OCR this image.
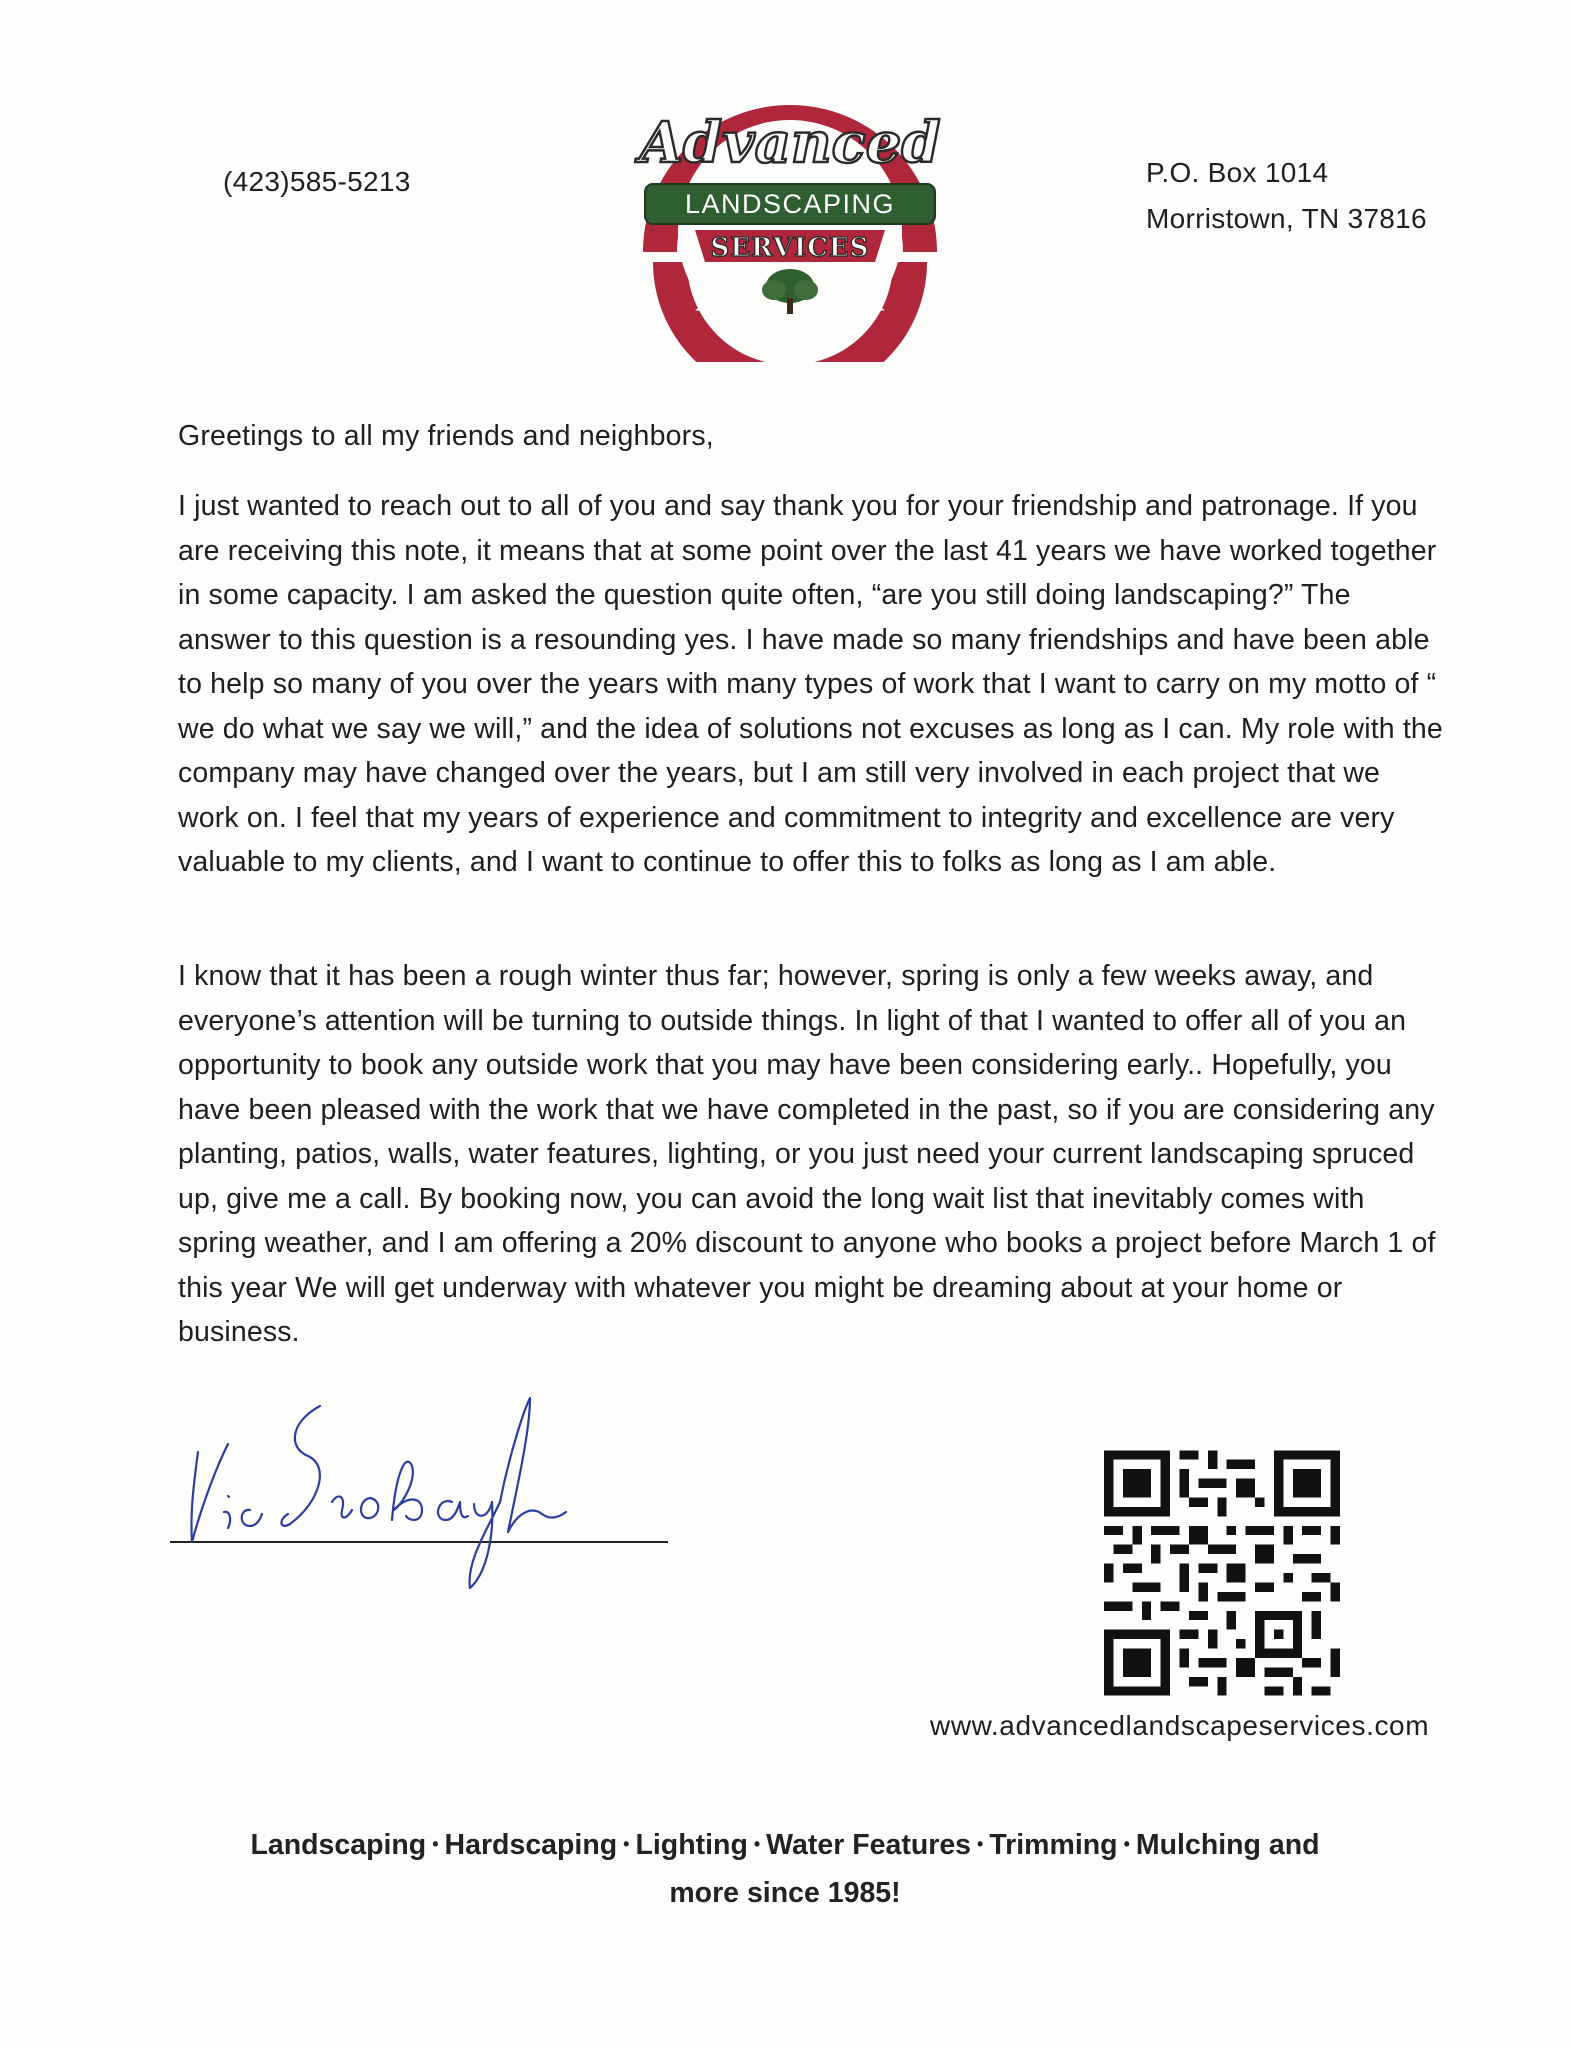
(423)585-5213
Advanced
LANDSCAPING
SERVICES
P.O. Box 1014
Morristown, TN 37816
Greetings to all my friends and neighbors,

I just wanted to reach out to all of you and say thank you for your friendship and patronage. If you are receiving this note, it means that at some point over the last 41 years we have worked together in some capacity. I am asked the question quite often, “are you still doing landscaping?” The answer to this question is a resounding yes. I have made so many friendships and have been able to help so many of you over the years with many types of work that I want to carry on my motto of “ we do what we say we will,” and the idea of solutions not excuses as long as I can. My role with the company may have changed over the years, but I am still very involved in each project that we work on. I feel that my years of experience and commitment to integrity and excellence are very valuable to my clients, and I want to continue to offer this to folks as long as I am able.

I know that it has been a rough winter thus far; however, spring is only a few weeks away, and everyone’s attention will be turning to outside things. In light of that I wanted to offer all of you an opportunity to book any outside work that you may have been considering early.. Hopefully, you have been pleased with the work that we have completed in the past, so if you are considering any planting, patios, walls, water features, lighting, or you just need your current landscaping spruced up, give me a call. By booking now, you can avoid the long wait list that inevitably comes with spring weather, and I am offering a 20% discount to anyone who books a project before March 1 of this year We will get underway with whatever you might be dreaming about at your home or business.

www.advancedlandscapeservices.com
Landscaping • Hardscaping • Lighting • Water Features • Trimming • Mulching and
more since 1985!
